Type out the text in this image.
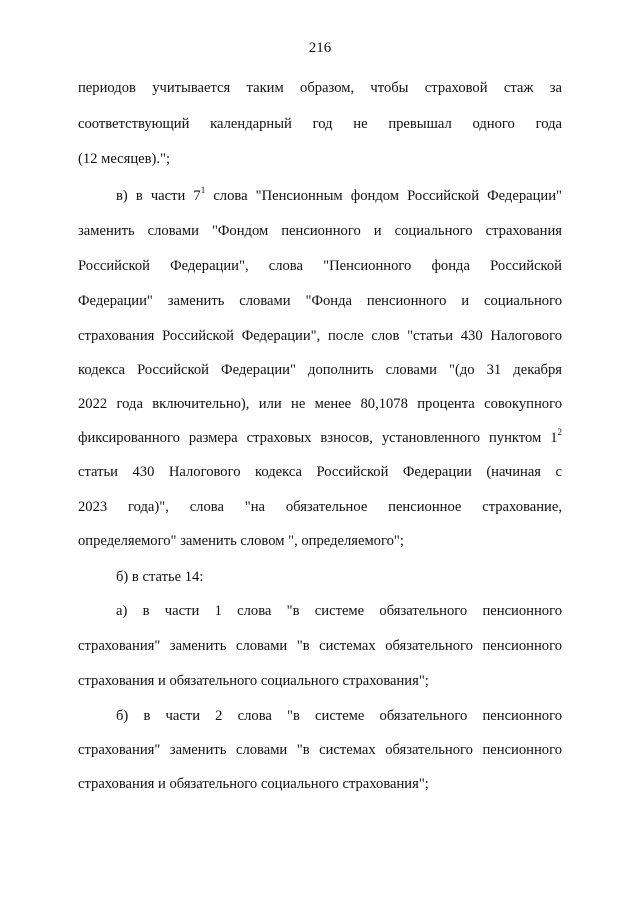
216
периодов учитывается таким образом, чтобы страховой стаж за
соответствующий календарный год не превышал одного года
(12 месяцев).";
в) в части $7^1$ слова "Пенсионным фондом Российской Федерации"
заменить словами "Фондом пенсионного и социального страхования
Российской Федерации", слова "Пенсионного фонда Российской
Федерации" заменить словами "Фонда пенсионного и социального
страхования Российской Федерации", после слов "статьи 430 Налогового
кодекса Российской Федерации" дополнить словами "(до 31 декабря
2022 года включительно), или не менее 80,1078 процента совокупного
фиксированного размера страховых взносов, установленного пунктом $1^2$
статьи 430 Налогового кодекса Российской Федерации (начиная с
2023 года)", слова "на обязательное пенсионное страхование,
определяемого" заменить словом ", определяемого";
б) в статье 14:
а) в части 1 слова "в системе обязательного пенсионного
страхования" заменить словами "в системах обязательного пенсионного
страхования и обязательного социального страхования";
б) в части 2 слова "в системе обязательного пенсионного
страхования" заменить словами "в системах обязательного пенсионного
страхования и обязательного социального страхования";
